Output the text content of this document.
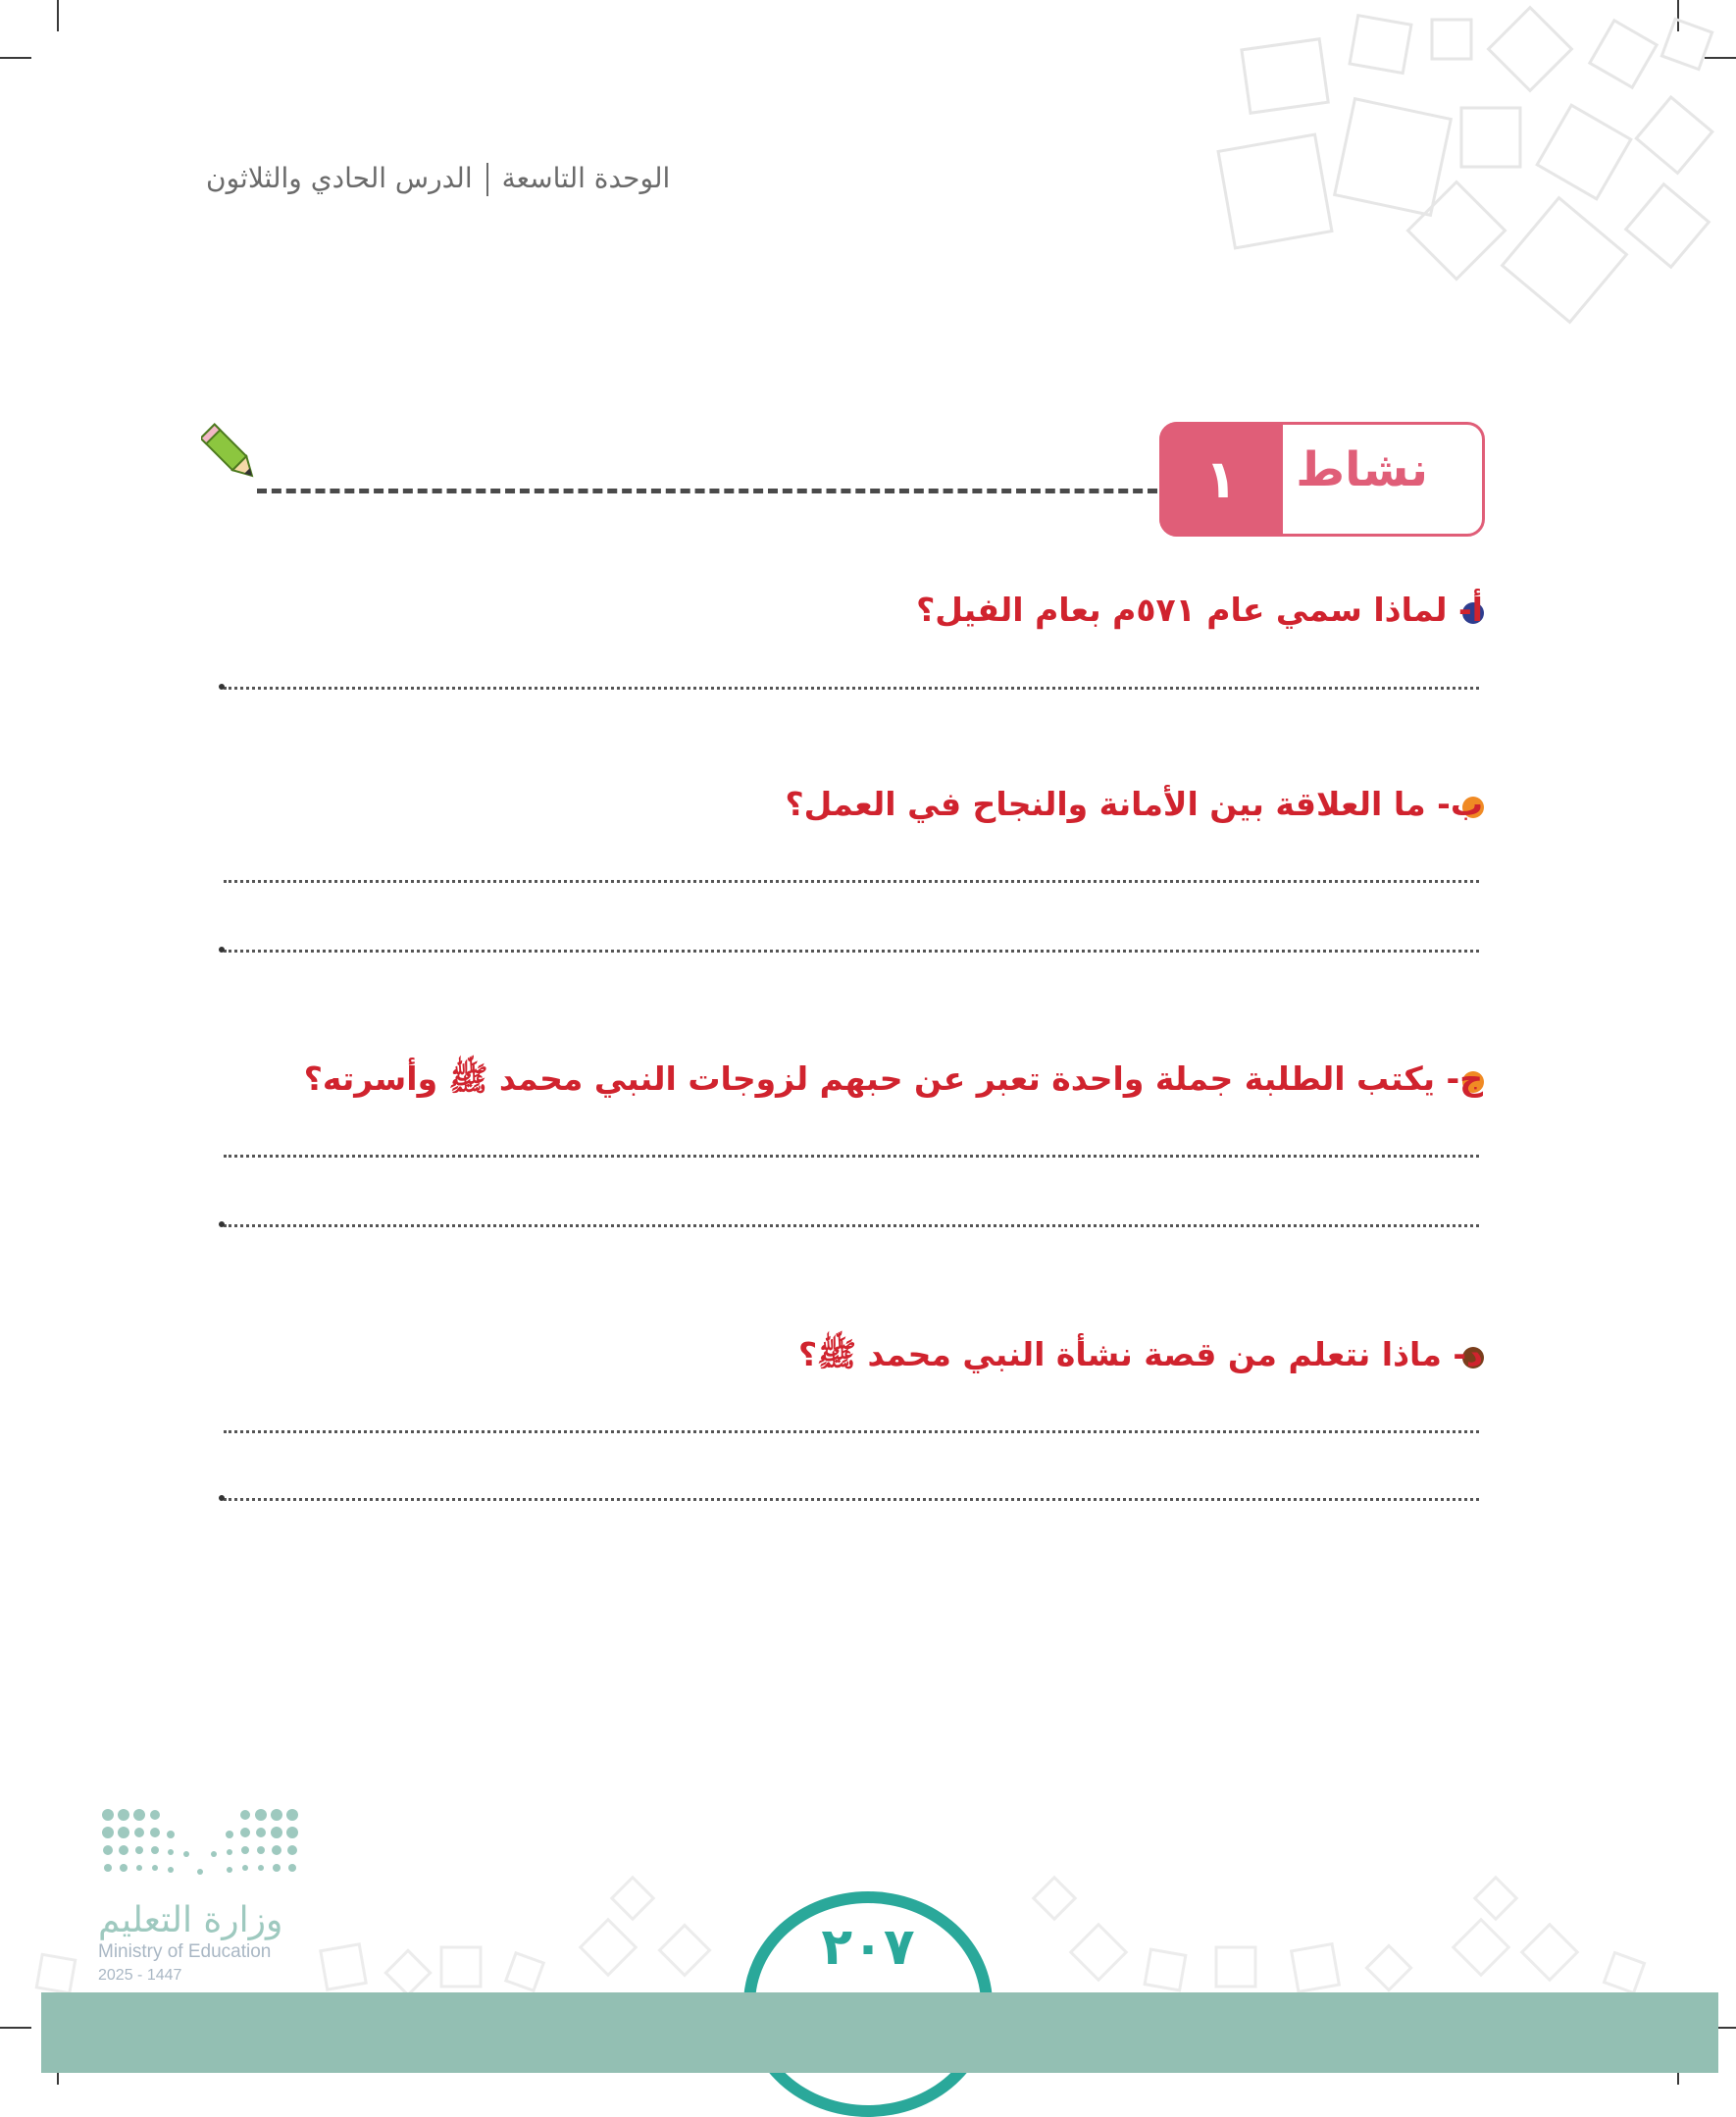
الوحدة التاسعةالدرس الحادي والثلاثون
١	نشاط
أ- لماذا سمي عام ٥٧١م بعام الفيل؟
ب- ما العلاقة بين الأمانة والنجاح في العمل؟
ج- يكتب الطلبة جملة واحدة تعبر عن حبهم لزوجات النبي محمد ﷺ وأسرته؟
د- ماذا نتعلم من قصة نشأة النبي محمد ﷺ؟
وزارة التعليم
Ministry of Education
2025 - 1447	٢٠٧
